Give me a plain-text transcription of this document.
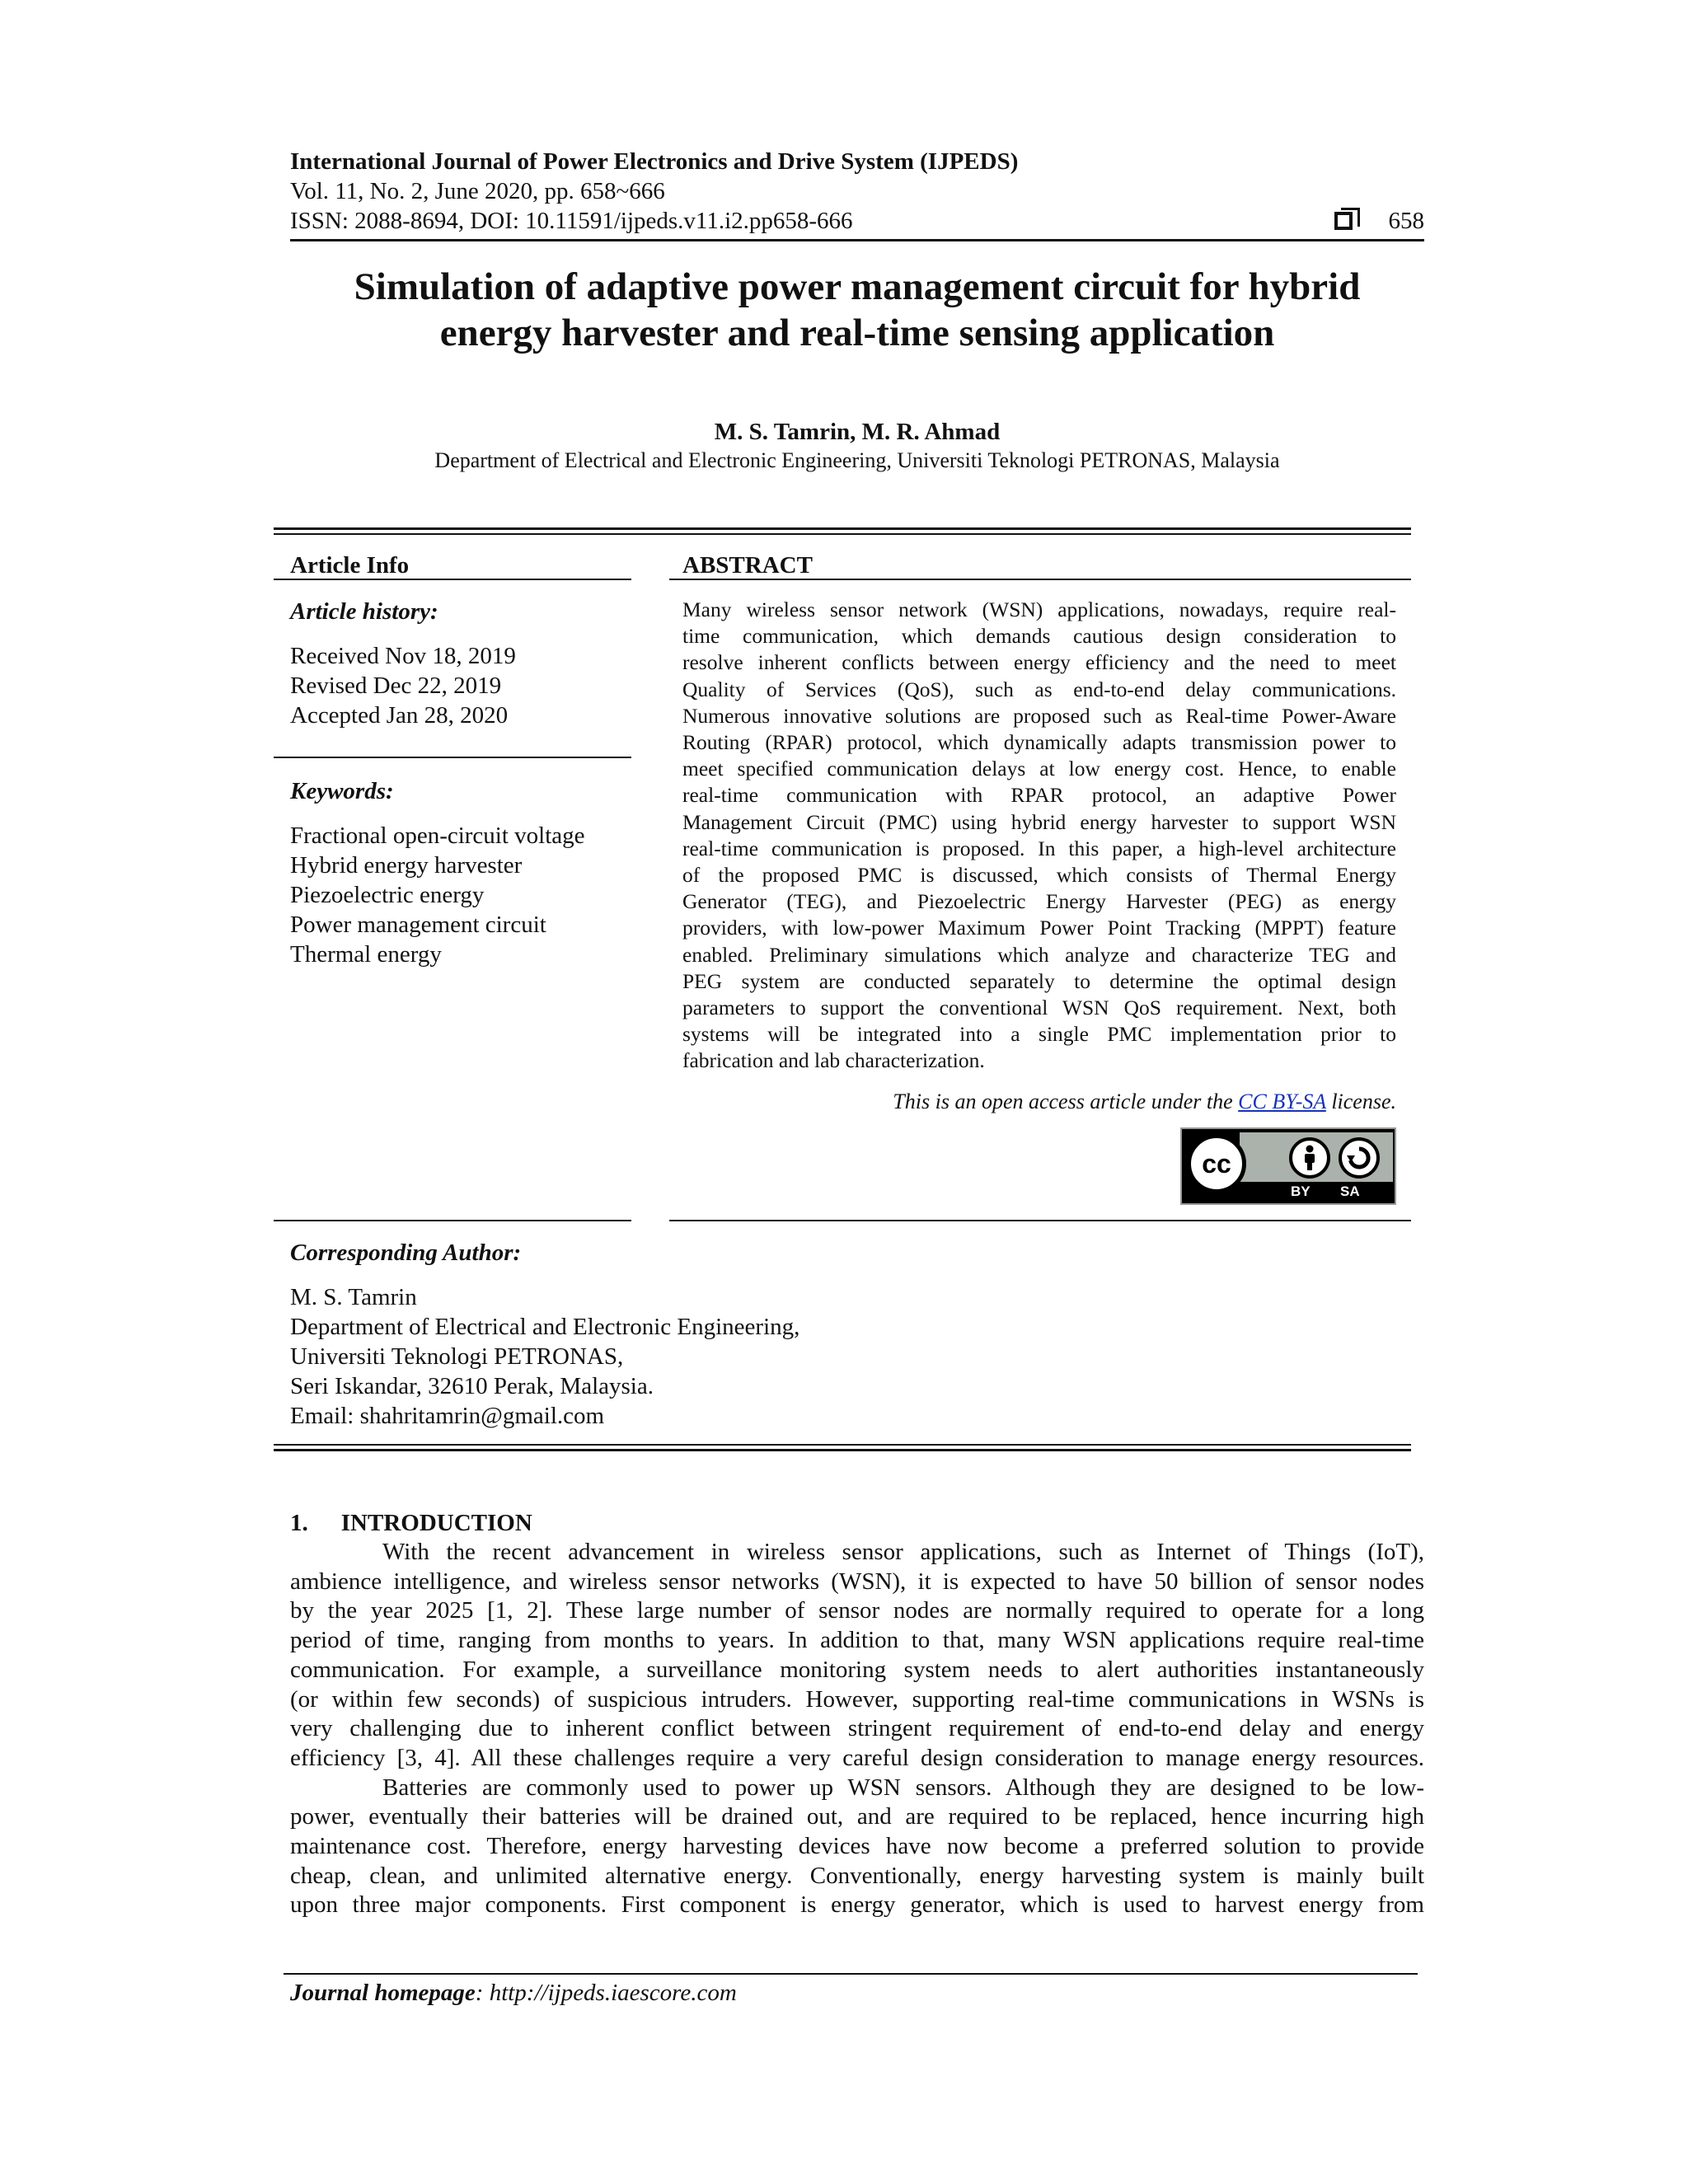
International Journal of Power Electronics and Drive System (IJPEDS)
Vol. 11, No. 2, June 2020, pp. 658~666
ISSN: 2088-8694, DOI: 10.11591/ijpeds.v11.i2.pp658-666	658
Simulation of adaptive power management circuit for hybrid
energy harvester and real-time sensing application
M. S. Tamrin, M. R. Ahmad
Department of Electrical and Electronic Engineering, Universiti Teknologi PETRONAS, Malaysia
Article Info
Article history:
Received Nov 18, 2019
Revised Dec 22, 2019
Accepted Jan 28, 2020
Keywords:
Fractional open-circuit voltage
Hybrid energy harvester
Piezoelectric energy
Power management circuit
Thermal energy
ABSTRACT
Many wireless sensor network (WSN) applications, nowadays, require real-
time communication, which demands cautious design consideration to
resolve inherent conflicts between energy efficiency and the need to meet
Quality of Services (QoS), such as end-to-end delay communications.
Numerous innovative solutions are proposed such as Real-time Power-Aware
Routing (RPAR) protocol, which dynamically adapts transmission power to
meet specified communication delays at low energy cost. Hence, to enable
real-time communication with RPAR protocol, an adaptive Power
Management Circuit (PMC) using hybrid energy harvester to support WSN
real-time communication is proposed. In this paper, a high-level architecture
of the proposed PMC is discussed, which consists of Thermal Energy
Generator (TEG), and Piezoelectric Energy Harvester (PEG) as energy
providers, with low-power Maximum Power Point Tracking (MPPT) feature
enabled. Preliminary simulations which analyze and characterize TEG and
PEG system are conducted separately to determine the optimal design
parameters to support the conventional WSN QoS requirement. Next, both
systems will be integrated into a single PMC implementation prior to
fabrication and lab characterization.
This is an open access article under the CC BY-SA license.
cc
BY SA
Corresponding Author:
M. S. Tamrin
Department of Electrical and Electronic Engineering,
Universiti Teknologi PETRONAS,
Seri Iskandar, 32610 Perak, Malaysia.
Email: shahritamrin@gmail.com
1. INTRODUCTION

With the recent advancement in wireless sensor applications, such as Internet of Things (IoT),

ambience intelligence, and wireless sensor networks (WSN), it is expected to have 50 billion of sensor nodes

by the year 2025 [1, 2]. These large number of sensor nodes are normally required to operate for a long

period of time, ranging from months to years. In addition to that, many WSN applications require real-time

communication. For example, a surveillance monitoring system needs to alert authorities instantaneously

(or within few seconds) of suspicious intruders. However, supporting real-time communications in WSNs is

very challenging due to inherent conflict between stringent requirement of end-to-end delay and energy

efficiency [3, 4]. All these challenges require a very careful design consideration to manage energy resources.

Batteries are commonly used to power up WSN sensors. Although they are designed to be low-

power, eventually their batteries will be drained out, and are required to be replaced, hence incurring high

maintenance cost. Therefore, energy harvesting devices have now become a preferred solution to provide

cheap, clean, and unlimited alternative energy. Conventionally, energy harvesting system is mainly built

upon three major components. First component is energy generator, which is used to harvest energy from

Journal homepage: http://ijpeds.iaescore.com
